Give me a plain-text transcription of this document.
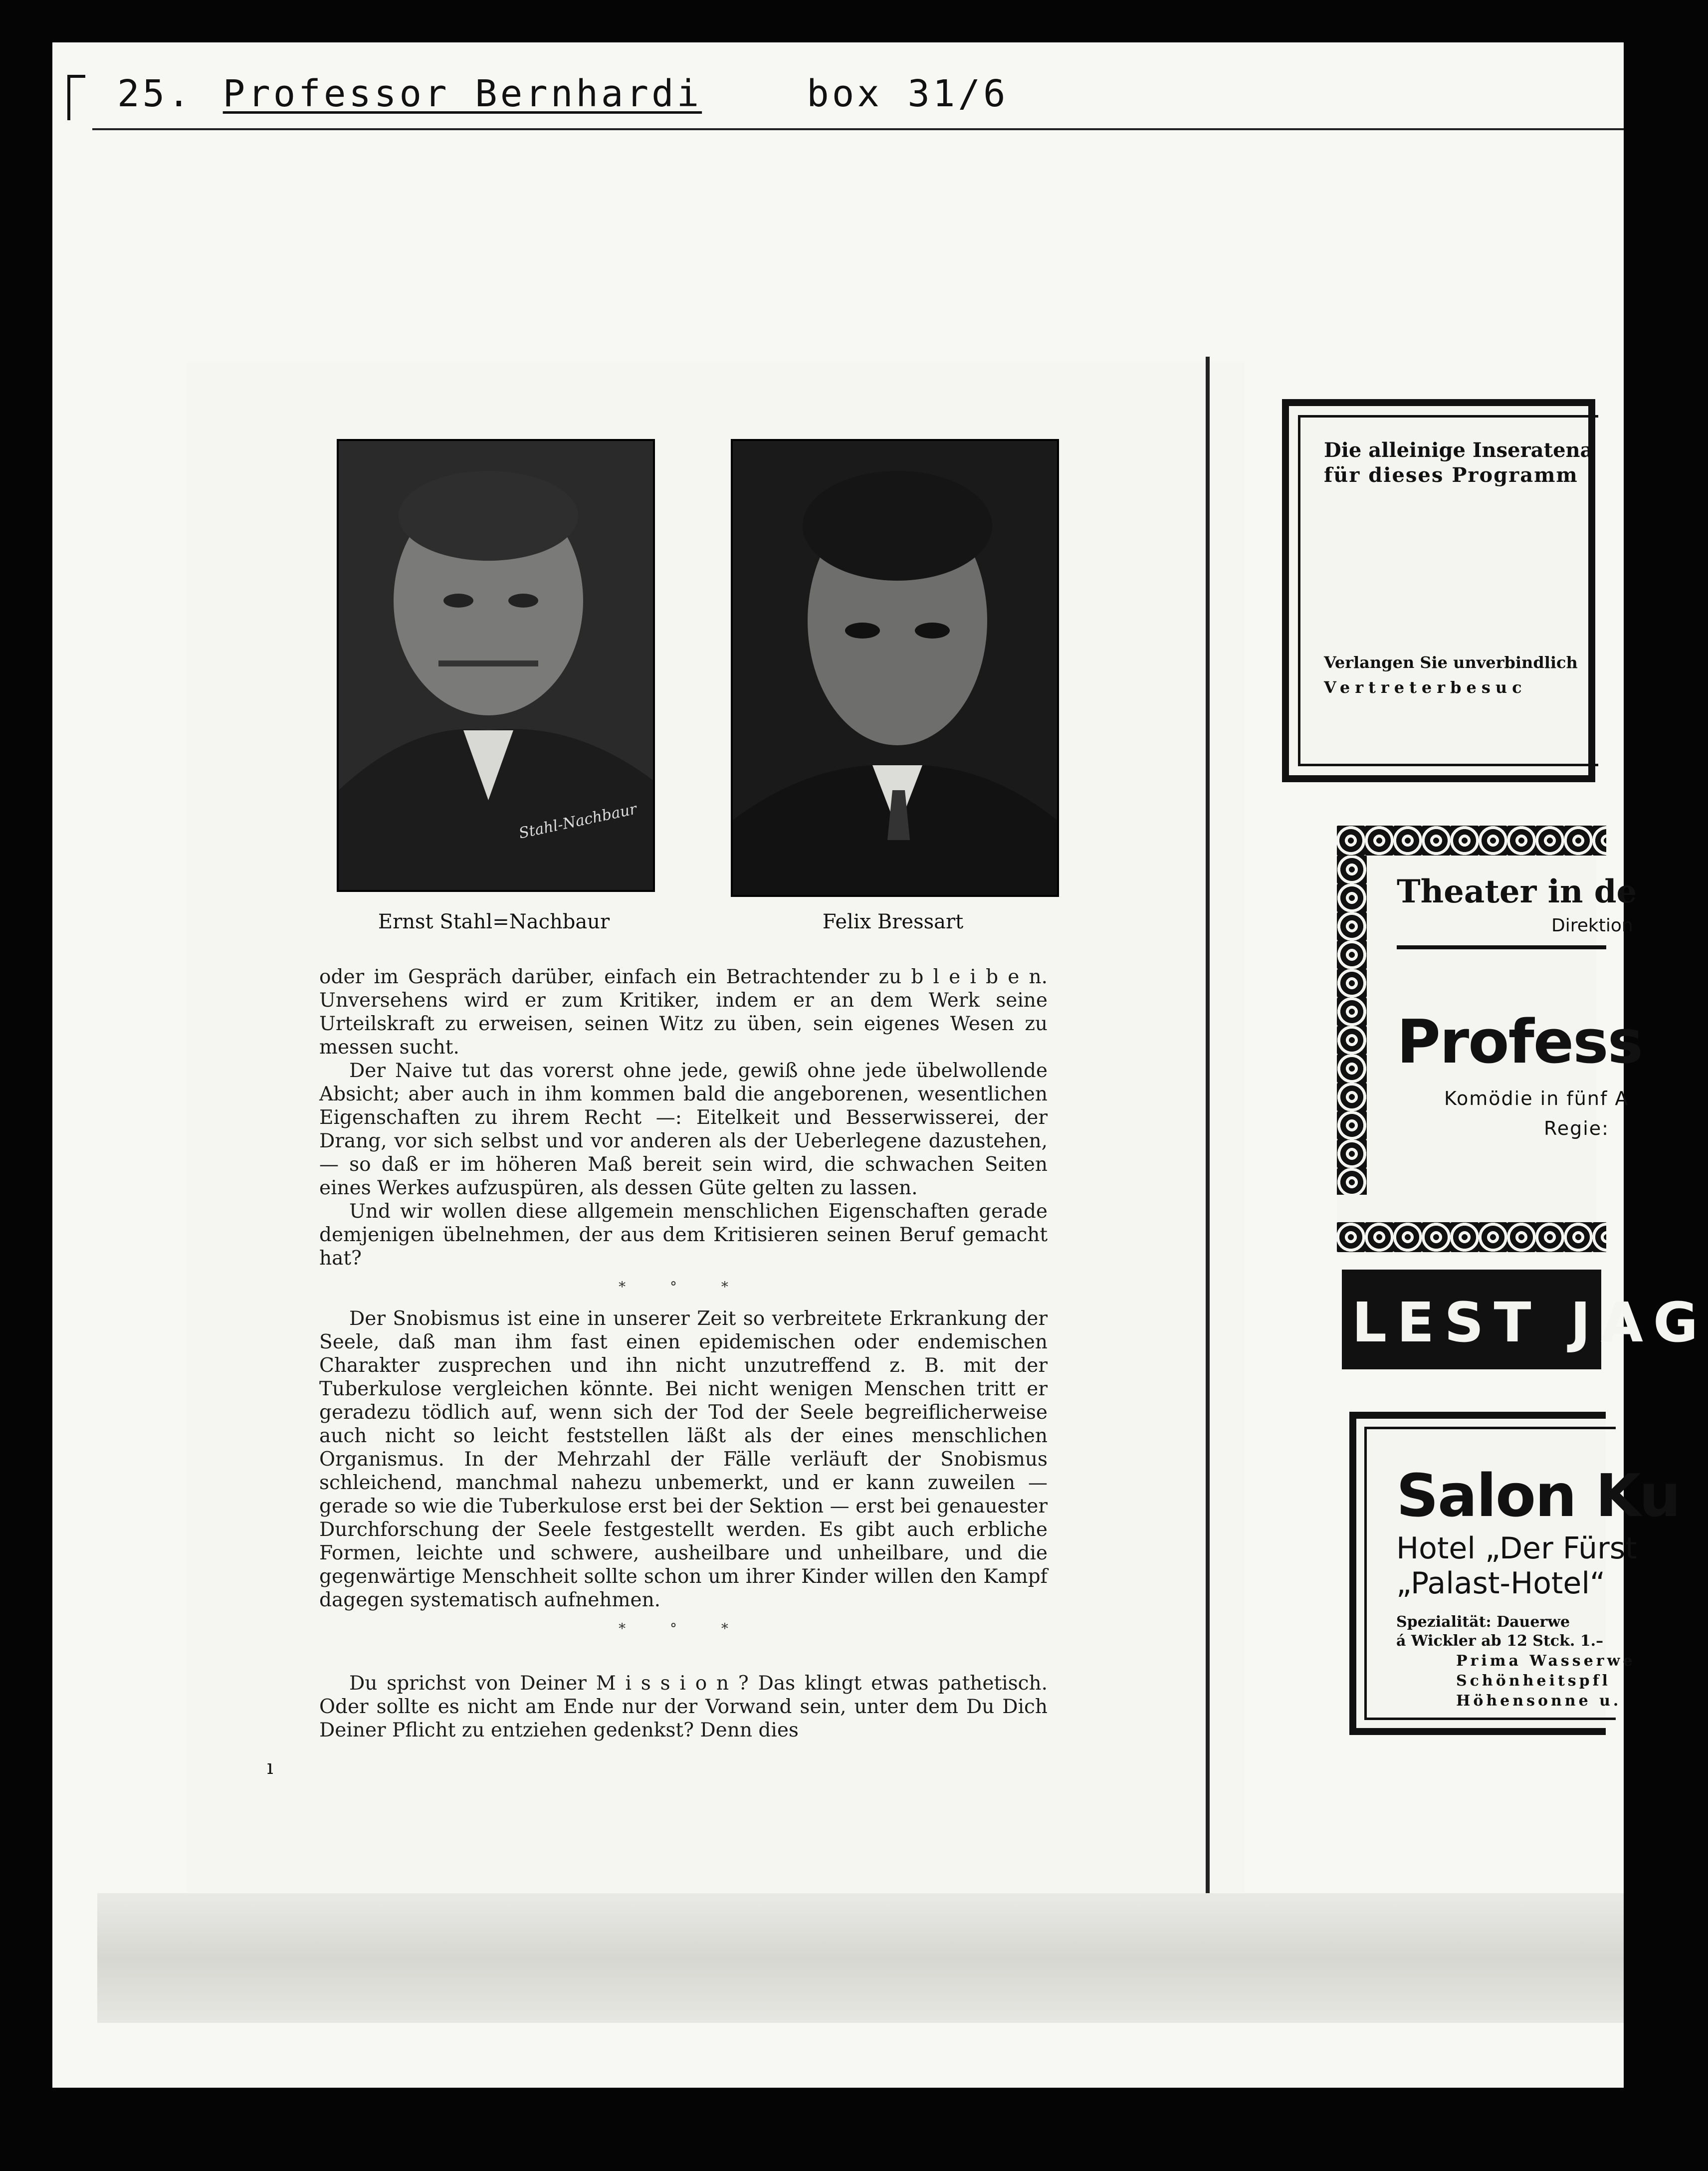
25. Professor Bernhardi	box 31/6
Stahl-Nachbaur
Ernst Stahl=Nachbaur	Felix Bressart

oder im Gespräch darüber, einfach ein Betrachtender zu b l e i b e n. Unversehens wird er zum Kritiker, indem er an dem Werk seine Urteilskraft zu erweisen, seinen Witz zu üben, sein eigenes Wesen zu messen sucht.

Der Naive tut das vorerst ohne jede, gewiß ohne jede übelwollende Absicht; aber auch in ihm kommen bald die angeborenen, wesentlichen Eigenschaften zu ihrem Recht —: Eitelkeit und Besserwisserei, der Drang, vor sich selbst und vor anderen als der Ueberlegene dazustehen, — so daß er im höheren Maß bereit sein wird, die schwachen Seiten eines Werkes aufzuspüren, als dessen Güte gelten zu lassen.

Und wir wollen diese allgemein menschlichen Eigenschaften gerade demjenigen übelnehmen, der aus dem Kritisieren seinen Beruf gemacht hat?

* ° *

Der Snobismus ist eine in unserer Zeit so verbreitete Erkrankung der Seele, daß man ihm fast einen epidemischen oder endemischen Charakter zusprechen und ihn nicht unzutreffend z. B. mit der Tuberkulose vergleichen könnte. Bei nicht wenigen Menschen tritt er geradezu tödlich auf, wenn sich der Tod der Seele begreiflicherweise auch nicht so leicht feststellen läßt als der eines menschlichen Organismus. In der Mehrzahl der Fälle verläuft der Snobismus schleichend, manchmal nahezu unbemerkt, und er kann zuweilen — gerade so wie die Tuberkulose erst bei der Sektion — erst bei genauester Durchforschung der Seele festgestellt werden. Es gibt auch erbliche Formen, leichte und schwere, ausheilbare und unheilbare, und die gegenwärtige Menschheit sollte schon um ihrer Kinder willen den Kampf dagegen systematisch aufnehmen.

* ° *

Du sprichst von Deiner M i s s i o n ? Das klingt etwas pathetisch. Oder sollte es nicht am Ende nur der Vorwand sein, unter dem Du Dich Deiner Pflicht zu entziehen gedenkst? Denn dies

ı
Die alleinige Inseratena
für dieses Programm
Verlangen Sie unverbindlich
Vertreterbesuc
Theater in de
Direktion
Profess
Komödie in fünf A
Regie:
LEST JAG
Salon Ku
Hotel „Der Fürst
„Palast-Hotel“
Spezialität: Dauerwe
á Wickler ab 12 Stck. 1.–
Prima Wasserwe
Schönheitspfl
Höhensonne u.
